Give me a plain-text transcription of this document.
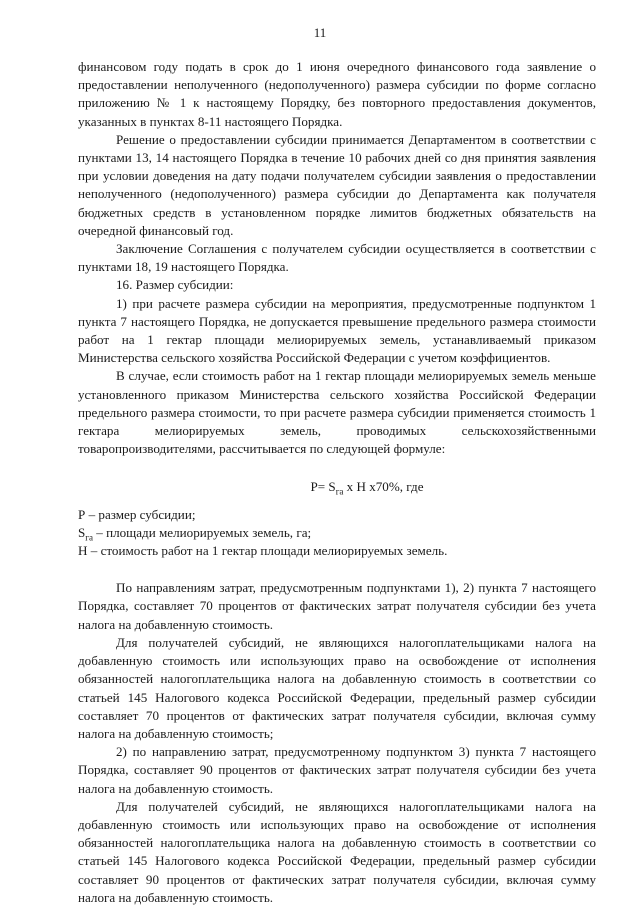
11

финансовом году подать в срок до 1 июня очередного финансового года заявление о предоставлении неполученного (недополученного) размера субсидии по форме согласно приложению № 1 к настоящему Порядку, без повторного предоставления документов, указанных в пунктах 8-11 настоящего Порядка.

Решение о предоставлении субсидии принимается Департаментом в соответствии с пунктами 13, 14 настоящего Порядка в течение 10 рабочих дней со дня принятия заявления при условии доведения на дату подачи получателем субсидии заявления о предоставлении неполученного (недополученного) размера субсидии до Департамента как получателя бюджетных средств в установленном порядке лимитов бюджетных обязательств на очередной финансовый год.

Заключение Соглашения с получателем субсидии осуществляется в соответствии с пунктами 18, 19 настоящего Порядка.

16. Размер субсидии:

1) при расчете размера субсидии на мероприятия, предусмотренные подпунктом 1 пункта 7 настоящего Порядка, не допускается превышение предельного размера стоимости работ на 1 гектар площади мелиорируемых земель, устанавливаемый приказом Министерства сельского хозяйства Российской Федерации с учетом коэффициентов.

В случае, если стоимость работ на 1 гектар площади мелиорируемых земель меньше установленного приказом Министерства сельского хозяйства Российской Федерации предельного размера стоимости, то при расчете размера субсидии применяется стоимость 1 гектара мелиорируемых земель, проводимых сельскохозяйственными товаропроизводителями, рассчитывается по следующей формуле:

$P= S_{га}$ х Н х70%, где

Р – размер субсидии;

$S_{га}$ – площади мелиорируемых земель, га;

Н – стоимость работ на 1 гектар площади мелиорируемых земель.

По направлениям затрат, предусмотренным подпунктами 1), 2) пункта 7 настоящего Порядка, составляет 70 процентов от фактических затрат получателя субсидии без учета налога на добавленную стоимость.

Для получателей субсидий, не являющихся налогоплательщиками налога на добавленную стоимость или использующих право на освобождение от исполнения обязанностей налогоплательщика налога на добавленную стоимость в соответствии со статьей 145 Налогового кодекса Российской Федерации, предельный размер субсидии составляет 70 процентов от фактических затрат получателя субсидии, включая сумму налога на добавленную стоимость;

2) по направлению затрат, предусмотренному подпунктом 3) пункта 7 настоящего Порядка, составляет 90 процентов от фактических затрат получателя субсидии без учета налога на добавленную стоимость.

Для получателей субсидий, не являющихся налогоплательщиками налога на добавленную стоимость или использующих право на освобождение от исполнения обязанностей налогоплательщика налога на добавленную стоимость в соответствии со статьей 145 Налогового кодекса Российской Федерации, предельный размер субсидии составляет 90 процентов от фактических затрат получателя субсидии, включая сумму налога на добавленную стоимость.
